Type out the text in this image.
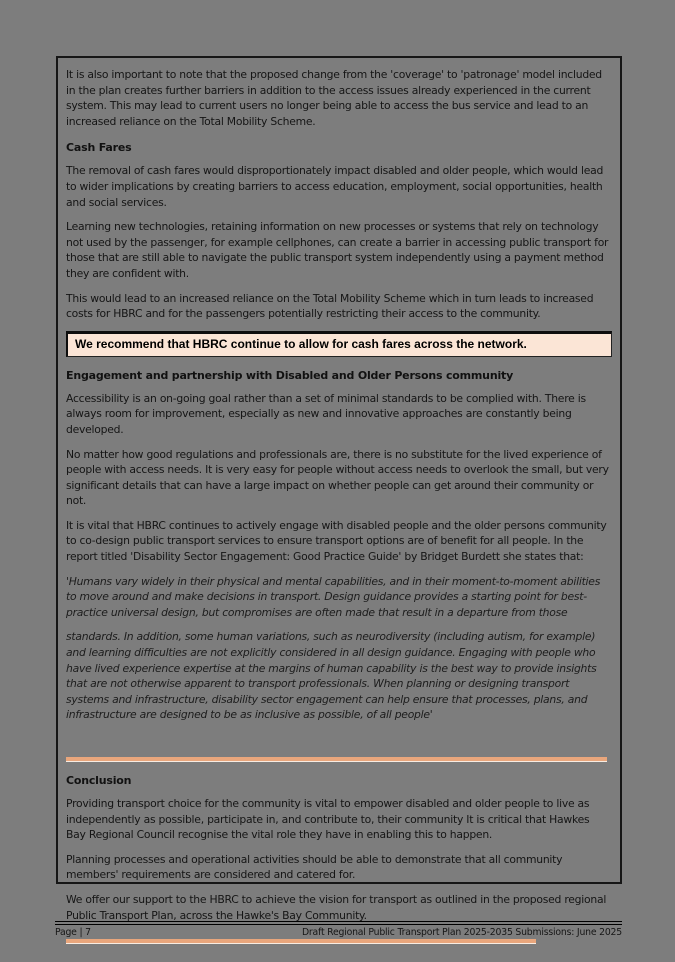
It is also important to note that the proposed change from the 'coverage' to 'patronage' model included in the plan creates further barriers in addition to the access issues already experienced in the current system. This may lead to current users no longer being able to access the bus service and lead to an increased reliance on the Total Mobility Scheme.

Cash Fares

The removal of cash fares would disproportionately impact disabled and older people, which would lead to wider implications by creating barriers to access education, employment, social opportunities, health and social services.

Learning new technologies, retaining information on new processes or systems that rely on technology not used by the passenger, for example cellphones, can create a barrier in accessing public transport for those that are still able to navigate the public transport system independently using a payment method they are confident with.

This would lead to an increased reliance on the Total Mobility Scheme which in turn leads to increased costs for HBRC and for the passengers potentially restricting their access to the community.

We recommend that HBRC continue to allow for cash fares across the network.
Engagement and partnership with Disabled and Older Persons community

Accessibility is an on-going goal rather than a set of minimal standards to be complied with. There is always room for improvement, especially as new and innovative approaches are constantly being developed.

No matter how good regulations and professionals are, there is no substitute for the lived experience of people with access needs. It is very easy for people without access needs to overlook the small, but very significant details that can have a large impact on whether people can get around their community or not.

It is vital that HBRC continues to actively engage with disabled people and the older persons community to co-design public transport services to ensure transport options are of benefit for all people. In the report titled 'Disability Sector Engagement: Good Practice Guide' by Bridget Burdett she states that:

'Humans vary widely in their physical and mental capabilities, and in their moment-to-moment abilities to move around and make decisions in transport. Design guidance provides a starting point for best-practice universal design, but compromises are often made that result in a departure from those

standards. In addition, some human variations, such as neurodiversity (including autism, for example) and learning difficulties are not explicitly considered in all design guidance. Engaging with people who have lived experience expertise at the margins of human capability is the best way to provide insights that are not otherwise apparent to transport professionals. When planning or designing transport systems and infrastructure, disability sector engagement can help ensure that processes, plans, and infrastructure are designed to be as inclusive as possible, of all people'

Conclusion

Providing transport choice for the community is vital to empower disabled and older people to live as independently as possible, participate in, and contribute to, their community It is critical that Hawkes Bay Regional Council recognise the vital role they have in enabling this to happen.

Planning processes and operational activities should be able to demonstrate that all community members' requirements are considered and catered for.

We offer our support to the HBRC to achieve the vision for transport as outlined in the proposed regional Public Transport Plan, across the Hawke's Bay Community.

Page | 7	Draft Regional Public Transport Plan 2025-2035 Submissions: June 2025
